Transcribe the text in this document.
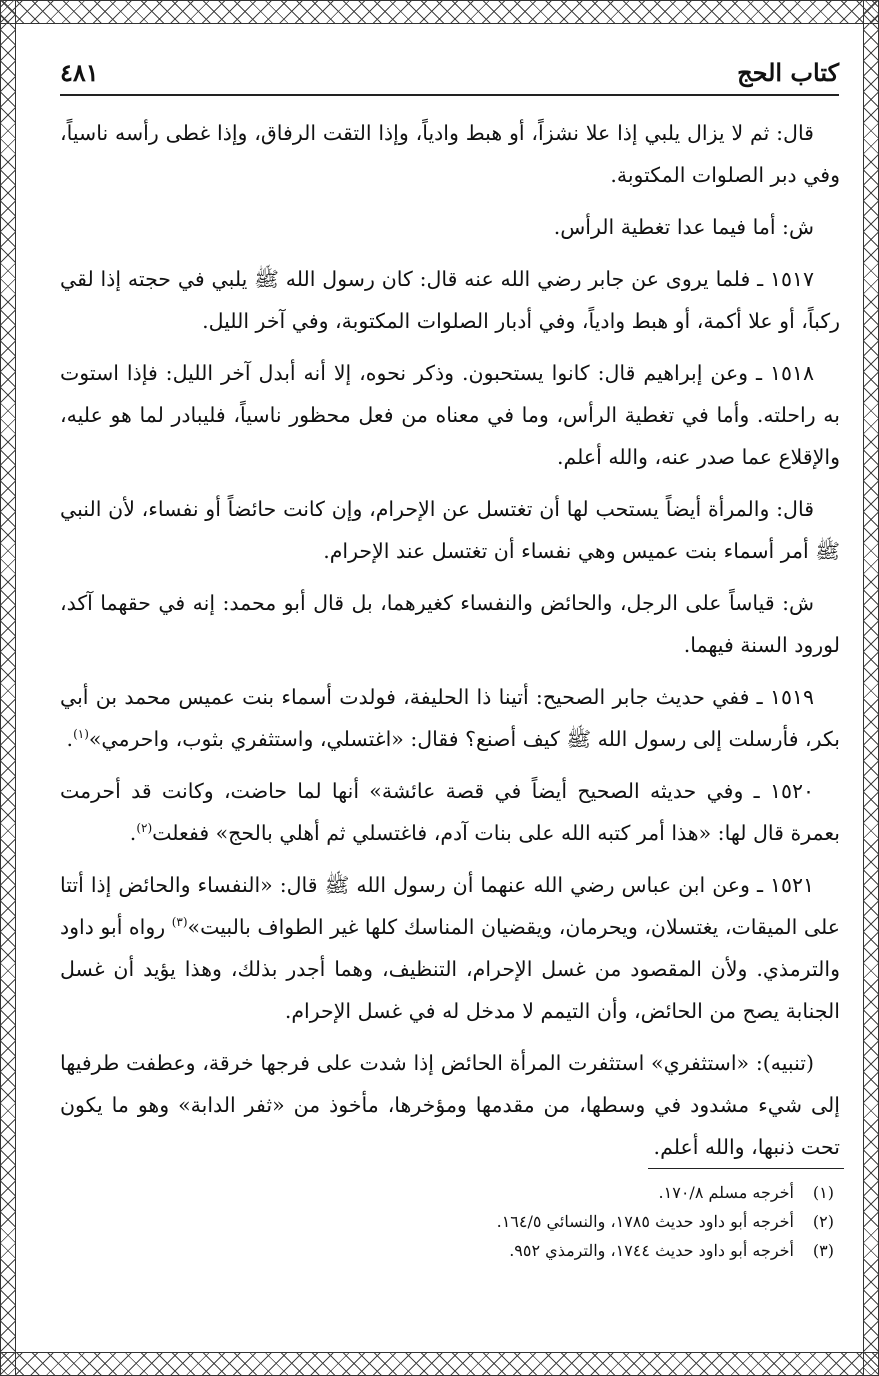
كتاب الحج
٤٨١

قال: ثم لا يزال يلبي إذا علا نشزاً، أو هبط وادياً، وإذا التقت الرفاق، وإذا غطى رأسه ناسياً، وفي دبر الصلوات المكتوبة.

ش: أما فيما عدا تغطية الرأس.

١٥١٧ ـ فلما يروى عن جابر رضي الله عنه قال: كان رسول الله ﷺ يلبي في حجته إذا لقي ركباً، أو علا أكمة، أو هبط وادياً، وفي أدبار الصلوات المكتوبة، وفي آخر الليل.

١٥١٨ ـ وعن إبراهيم قال: كانوا يستحبون. وذكر نحوه، إلا أنه أبدل آخر الليل: فإذا استوت به راحلته. وأما في تغطية الرأس، وما في معناه من فعل محظور ناسياً، فليبادر لما هو عليه، والإقلاع عما صدر عنه، والله أعلم.

قال: والمرأة أيضاً يستحب لها أن تغتسل عن الإحرام، وإن كانت حائضاً أو نفساء، لأن النبي ﷺ أمر أسماء بنت عميس وهي نفساء أن تغتسل عند الإحرام.

ش: قياساً على الرجل، والحائض والنفساء كغيرهما، بل قال أبو محمد: إنه في حقهما آكد، لورود السنة فيهما.

١٥١٩ ـ ففي حديث جابر الصحيح: أتينا ذا الحليفة، فولدت أسماء بنت عميس محمد بن أبي بكر، فأرسلت إلى رسول الله ﷺ كيف أصنع؟ فقال: «اغتسلي، واستثفري بثوب، واحرمي»$^{(١)}$.

١٥٢٠ ـ وفي حديثه الصحيح أيضاً في قصة عائشة» أنها لما حاضت، وكانت قد أحرمت بعمرة قال لها: «هذا أمر كتبه الله على بنات آدم، فاغتسلي ثم أهلي بالحج» ففعلت$^{(٢)}$.

١٥٢١ ـ وعن ابن عباس رضي الله عنهما أن رسول الله ﷺ قال: «النفساء والحائض إذا أتتا على الميقات، يغتسلان، ويحرمان، ويقضيان المناسك كلها غير الطواف بالبيت»$^{(٣)}$ رواه أبو داود والترمذي. ولأن المقصود من غسل الإحرام، التنظيف، وهما أجدر بذلك، وهذا يؤيد أن غسل الجنابة يصح من الحائض، وأن التيمم لا مدخل له في غسل الإحرام.

(تنبيه): «استثفري» استثفرت المرأة الحائض إذا شدت على فرجها خرقة، وعطفت طرفيها إلى شيء مشدود في وسطها، من مقدمها ومؤخرها، مأخوذ من «ثفر الدابة» وهو ما يكون تحت ذنبها، والله أعلم.

(١)أخرجه مسلم ١٧٠/٨.
(٢)أخرجه أبو داود حديث ١٧٨٥، والنسائي ١٦٤/٥.
(٣)أخرجه أبو داود حديث ١٧٤٤، والترمذي ٩٥٢.
